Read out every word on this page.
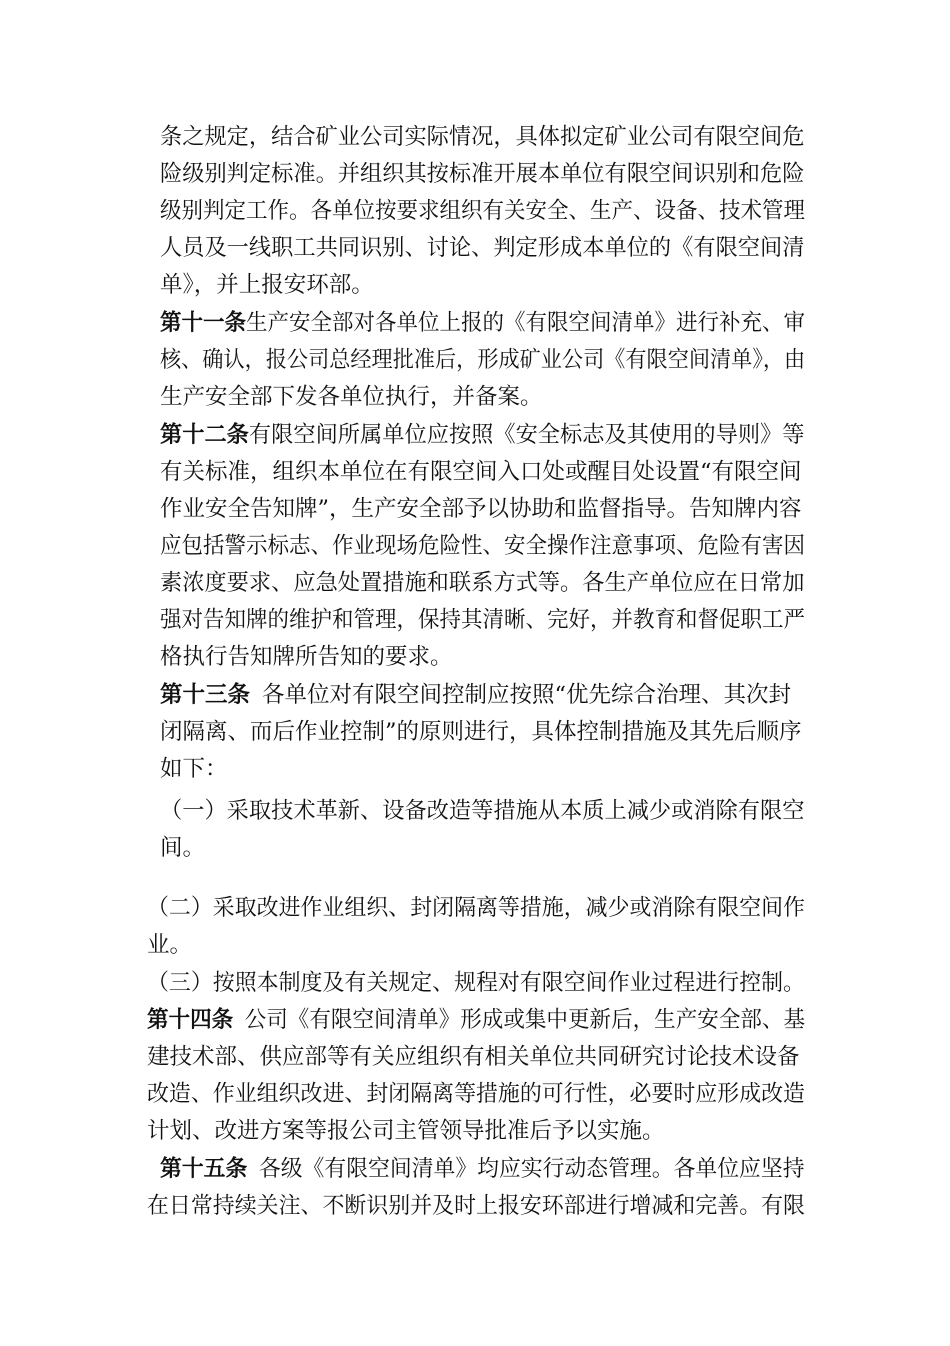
条之规定，结合矿业公司实际情况，具体拟定矿业公司有限空间危
险级别判定标准。并组织其按标准开展本单位有限空间识别和危险
级别判定工作。各单位按要求组织有关安全、生产、设备、技术管理
人员及一线职工共同识别、讨论、判定形成本单位的《有限空间清
单》，并上报安环部。
第十一条生产安全部对各单位上报的《有限空间清单》进行补充、审
核、确认，报公司总经理批准后，形成矿业公司《有限空间清单》，由
生产安全部下发各单位执行，并备案。
第十二条有限空间所属单位应按照《安全标志及其使用的导则》等
有关标准，组织本单位在有限空间入口处或醒目处设置“有限空间
作业安全告知牌”，生产安全部予以协助和监督指导。告知牌内容
应包括警示标志、作业现场危险性、安全操作注意事项、危险有害因
素浓度要求、应急处置措施和联系方式等。各生产单位应在日常加
强对告知牌的维护和管理，保持其清晰、完好，并教育和督促职工严
格执行告知牌所告知的要求。
第十三条 各单位对有限空间控制应按照“优先综合治理、其次封
闭隔离、而后作业控制”的原则进行，具体控制措施及其先后顺序
如下：
（一）采取技术革新、设备改造等措施从本质上减少或消除有限空
间。
（二）采取改进作业组织、封闭隔离等措施，减少或消除有限空间作
业。
（三）按照本制度及有关规定、规程对有限空间作业过程进行控制。
第十四条 公司《有限空间清单》形成或集中更新后，生产安全部、基
建技术部、供应部等有关应组织有相关单位共同研究讨论技术设备
改造、作业组织改进、封闭隔离等措施的可行性，必要时应形成改造
计划、改进方案等报公司主管领导批准后予以实施。
第十五条 各级《有限空间清单》均应实行动态管理。各单位应坚持
在日常持续关注、不断识别并及时上报安环部进行增减和完善。有限
